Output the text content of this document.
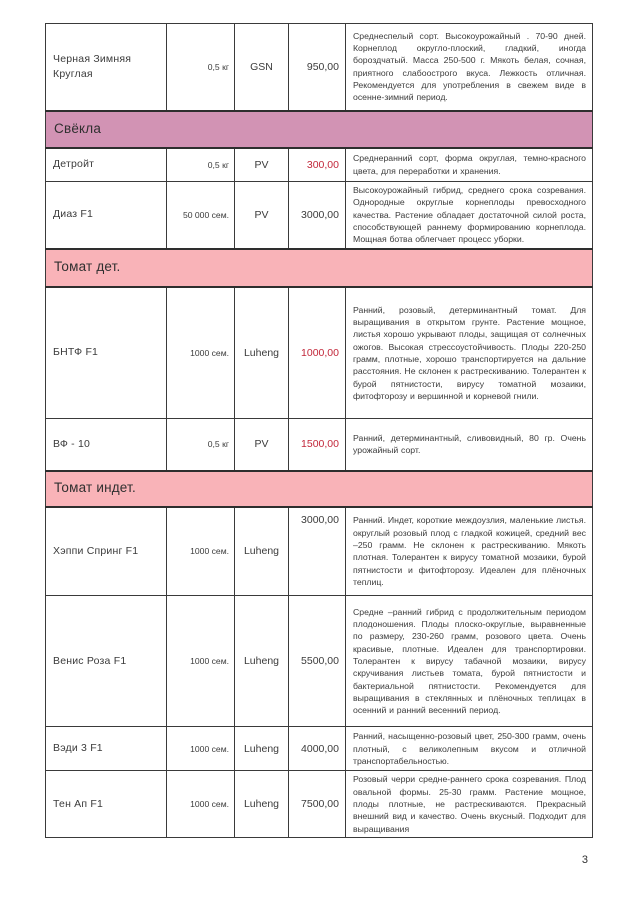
Черная Зимняя Круглая	0,5 кг	GSN	950,00	Среднеспелый сорт. Высокоурожайный . 70-90 дней. Корнеплод округло-плоский, гладкий, иногда бороздчатый. Масса 250-500 г. Мякоть белая, сочная, приятного слабоострого вкуса. Лежкость отличная. Рекомендуется для употребления в свежем виде в осенне-зимний период.
Свёкла				
Детройт	0,5 кг	PV	300,00	Среднеранний сорт, форма округлая, темно-красного цвета, для переработки и хранения.
Диаз F1	50 000 сем.	PV	3000,00	Высокоурожайный гибрид, среднего срока созревания. Однородные округлые корнеплоды превосходного качества. Растение обладает достаточной силой роста, способствующей раннему формированию корнеплода. Мощная ботва облегчает процесс уборки.
Томат дет.				
БНТФ F1	1000 сем.	Luheng	1000,00	Ранний, розовый, детерминантный томат. Для выращивания в открытом грунте. Растение мощное, листья хорошо укрывают плоды, защищая от солнечных ожогов. Высокая стрессоустойчивость. Плоды 220-250 грамм, плотные, хорошо транспортируется на дальние расстояния. Не склонен к растрескиванию. Толерантен к бурой пятнистости, вирусу томатной мозаики, фитофторозу и вершинной и корневой гнили.
ВФ - 10	0,5 кг	PV	1500,00	Ранний, детерминантный, сливовидный, 80 гр. Очень урожайный сорт.
Томат индет.				
Хэппи Спринг F1	1000 сем.	Luheng	3000,00	Ранний. Индет, короткие междоузлия, маленькие листья. округлый розовый плод с гладкой кожицей, средний вес –250 грамм. Не склонен к растрескиванию. Мякоть плотная. Толерантен к вирусу томатной мозаики, бурой пятнистости и фитофторозу. Идеален для плёночных теплиц.
Венис Роза F1	1000 сем.	Luheng	5500,00	Средне –ранний гибрид с продолжительным периодом плодоношения. Плоды плоско-округлые, выравненные по размеру, 230-260 грамм, розового цвета. Очень красивые, плотные. Идеален для транспортировки. Толерантен к вирусу табачной мозаики, вирусу скручивания листьев томата, бурой пятнистости и бактериальной пятнистости. Рекомендуется для выращивания в стеклянных и плёночных теплицах в осенний и ранний весенний период.
Вэди 3 F1	1000 сем.	Luheng	4000,00	Ранний, насыщенно-розовый цвет, 250-300 грамм, очень плотный, с великолепным вкусом и отличной транспортабельностью.
Тен Ап F1	1000 сем.	Luheng	7500,00	Розовый черри средне-раннего срока созревания. Плод овальной формы. 25-30 грамм. Растение мощное, плоды плотные, не растрескиваются. Прекрасный внешний вид и качество. Очень вкусный. Подходит для выращивания
3
